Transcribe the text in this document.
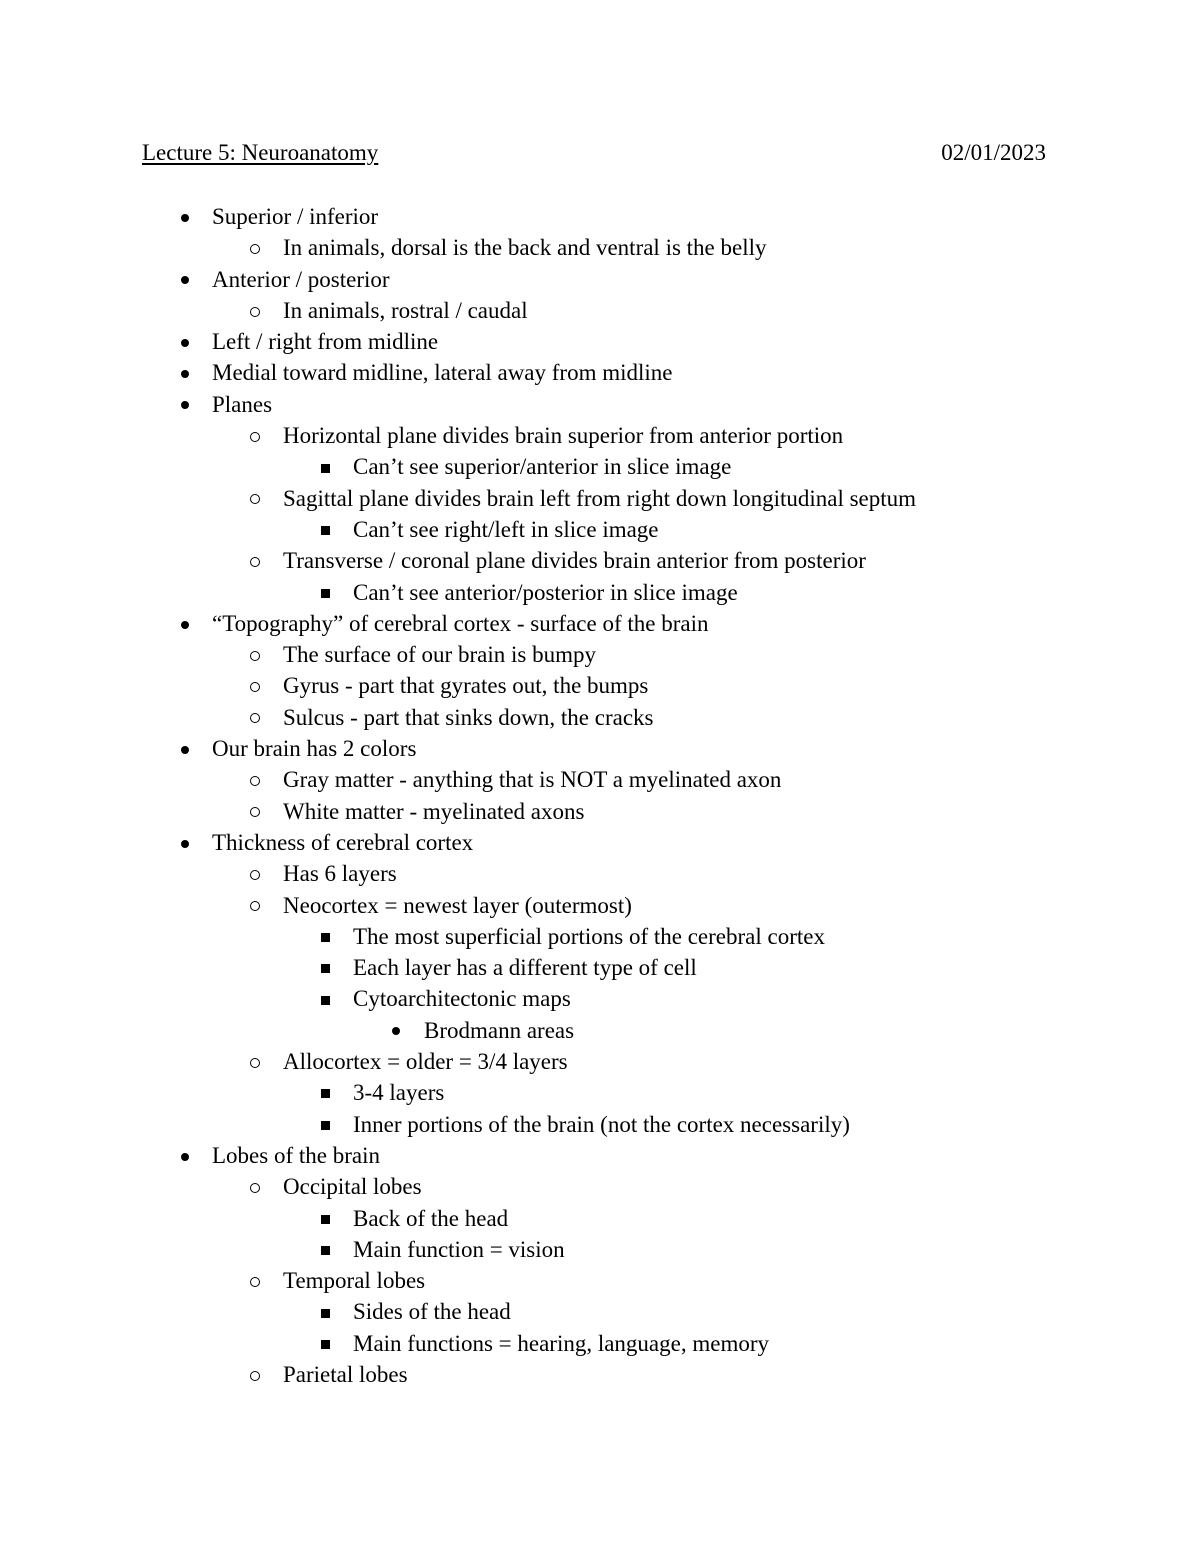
Lecture 5: Neuroanatomy	02/01/2023
Superior / inferior
In animals, dorsal is the back and ventral is the belly
Anterior / posterior
In animals, rostral / caudal
Left / right from midline
Medial toward midline, lateral away from midline
Planes
Horizontal plane divides brain superior from anterior portion
Can’t see superior/anterior in slice image
Sagittal plane divides brain left from right down longitudinal septum
Can’t see right/left in slice image
Transverse / coronal plane divides brain anterior from posterior
Can’t see anterior/posterior in slice image
“Topography” of cerebral cortex - surface of the brain
The surface of our brain is bumpy
Gyrus - part that gyrates out, the bumps
Sulcus - part that sinks down, the cracks
Our brain has 2 colors
Gray matter - anything that is NOT a myelinated axon
White matter - myelinated axons
Thickness of cerebral cortex
Has 6 layers
Neocortex = newest layer (outermost)
The most superficial portions of the cerebral cortex
Each layer has a different type of cell
Cytoarchitectonic maps
Brodmann areas
Allocortex = older = 3/4 layers
3-4 layers
Inner portions of the brain (not the cortex necessarily)
Lobes of the brain
Occipital lobes
Back of the head
Main function = vision
Temporal lobes
Sides of the head
Main functions = hearing, language, memory
Parietal lobes
